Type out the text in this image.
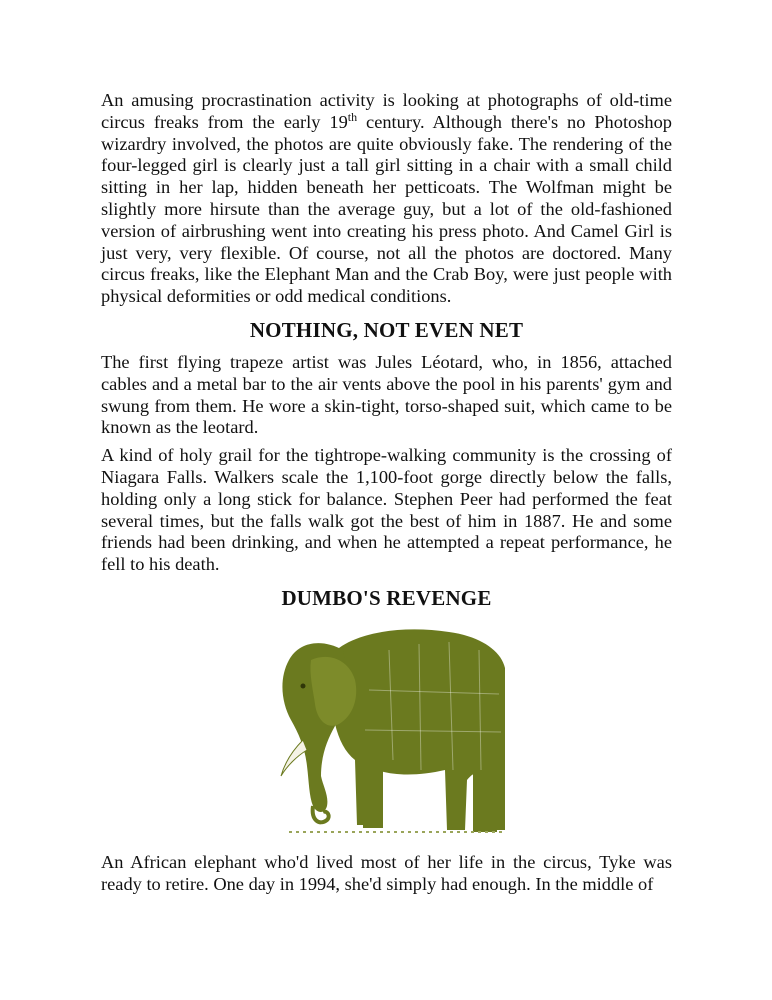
An amusing procrastination activity is looking at photographs of old-time circus freaks from the early 19th century. Although there's no Photoshop wizardry involved, the photos are quite obviously fake. The rendering of the four-legged girl is clearly just a tall girl sitting in a chair with a small child sitting in her lap, hidden beneath her petticoats. The Wolfman might be slightly more hirsute than the average guy, but a lot of the old-fashioned version of airbrushing went into creating his press photo. And Camel Girl is just very, very flexible. Of course, not all the photos are doctored. Many circus freaks, like the Elephant Man and the Crab Boy, were just people with physical deformities or odd medical conditions.

NOTHING, NOT EVEN NET

The first flying trapeze artist was Jules Léotard, who, in 1856, attached cables and a metal bar to the air vents above the pool in his parents' gym and swung from them. He wore a skin-tight, torso-shaped suit, which came to be known as the leotard.

A kind of holy grail for the tightrope-walking community is the crossing of Niagara Falls. Walkers scale the 1,100-foot gorge directly below the falls, holding only a long stick for balance. Stephen Peer had performed the feat several times, but the falls walk got the best of him in 1887. He and some friends had been drinking, and when he attempted a repeat performance, he fell to his death.

DUMBO'S REVENGE

An African elephant who'd lived most of her life in the circus, Tyke was ready to retire. One day in 1994, she'd simply had enough. In the middle of
